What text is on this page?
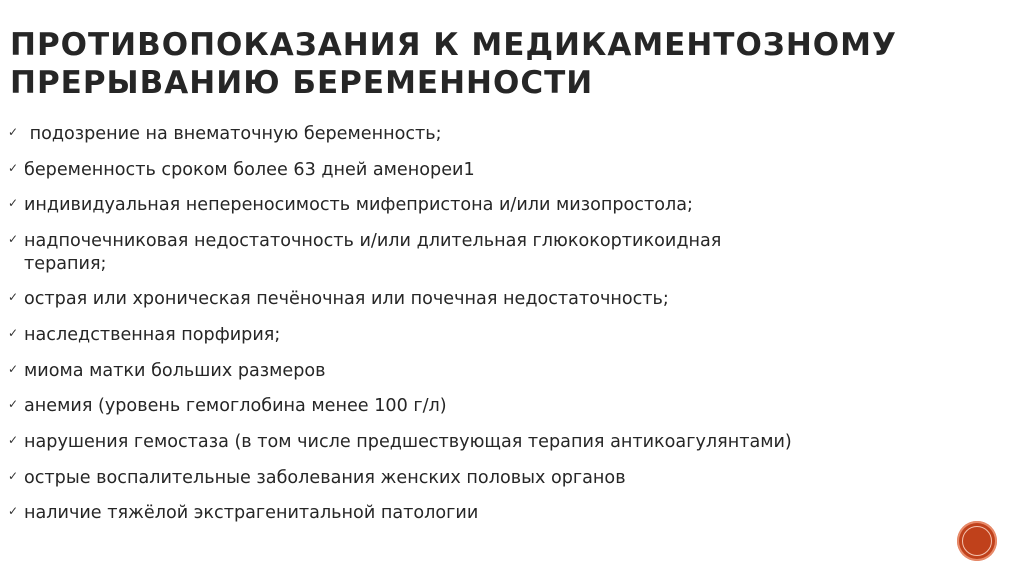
ПРОТИВОПОКАЗАНИЯ К МЕДИКАМЕНТОЗНОМУ
ПРЕРЫВАНИЮ БЕРЕМЕННОСТИ
✓ подозрение на внематочную беременность;
✓ беременность сроком более 63 дней аменореи1
✓ индивидуальная непереносимость мифепристона и/или мизопростола;
✓ надпочечниковая недостаточность и/или длительная глюкокортикоидная
терапия;
✓ острая или хроническая печёночная или почечная недостаточность;
✓ наследственная порфирия;
✓ миома матки больших размеров
✓ анемия (уровень гемоглобина менее 100 г/л)
✓ нарушения гемостаза (в том числе предшествующая терапия антикоагулянтами)
✓ острые воспалительные заболевания женских половых органов
✓ наличие тяжёлой экстрагенитальной патологии
